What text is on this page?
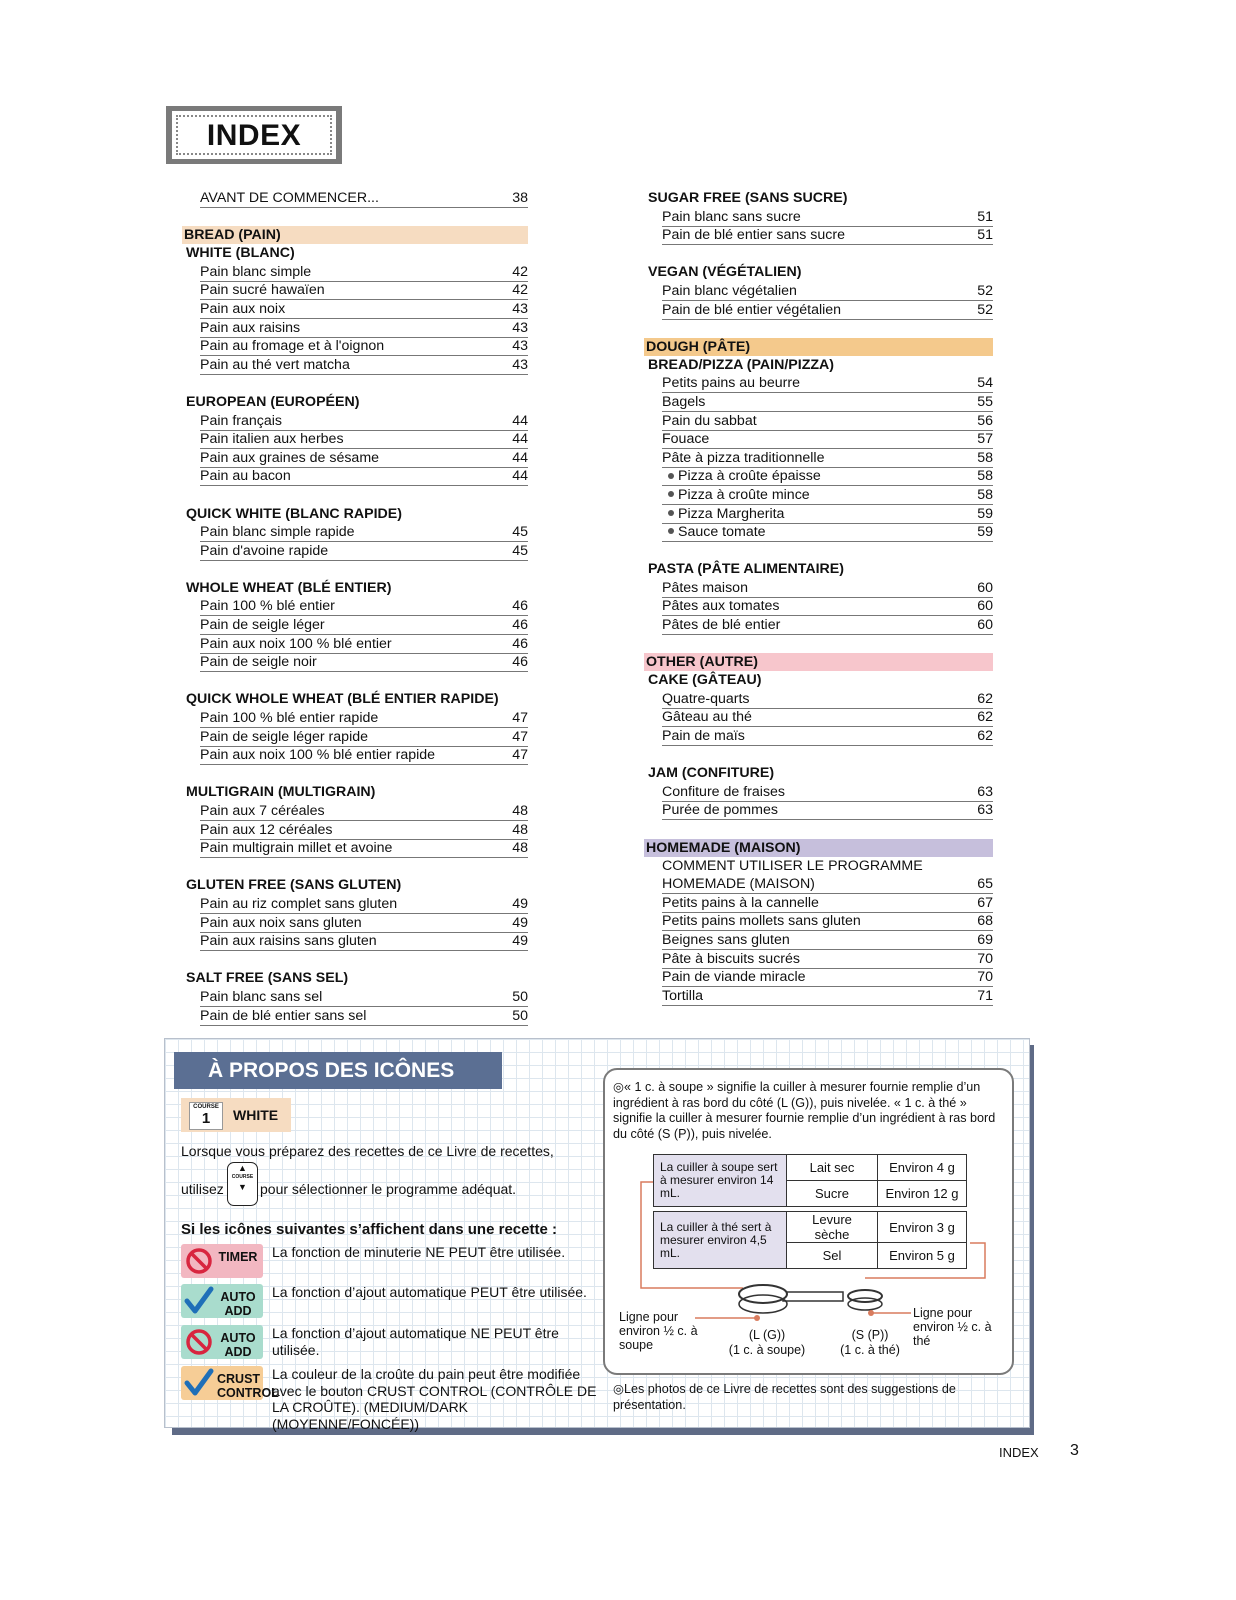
INDEX
AVANT DE COMMENCER...	38
BREAD (PAIN)
WHITE (BLANC)
Pain blanc simple	42
Pain sucré hawaïen	42
Pain aux noix	43
Pain aux raisins	43
Pain au fromage et à l'oignon	43
Pain au thé vert matcha	43
EUROPEAN (EUROPÉEN)
Pain français	44
Pain italien aux herbes	44
Pain aux graines de sésame	44
Pain au bacon	44
QUICK WHITE (BLANC RAPIDE)
Pain blanc simple rapide	45
Pain d'avoine rapide	45
WHOLE WHEAT (BLÉ ENTIER)
Pain 100 % blé entier	46
Pain de seigle léger	46
Pain aux noix 100 % blé entier	46
Pain de seigle noir	46
QUICK WHOLE WHEAT (BLÉ ENTIER RAPIDE)
Pain 100 % blé entier rapide	47
Pain de seigle léger rapide	47
Pain aux noix 100 % blé entier rapide	47
MULTIGRAIN (MULTIGRAIN)
Pain aux 7 céréales	48
Pain aux 12 céréales	48
Pain multigrain millet et avoine	48
GLUTEN FREE (SANS GLUTEN)
Pain au riz complet sans gluten	49
Pain aux noix sans gluten	49
Pain aux raisins sans gluten	49
SALT FREE (SANS SEL)
Pain blanc sans sel	50
Pain de blé entier sans sel	50
SUGAR FREE (SANS SUCRE)
Pain blanc sans sucre	51
Pain de blé entier sans sucre	51
VEGAN (VÉGÉTALIEN)
Pain blanc végétalien	52
Pain de blé entier végétalien	52
DOUGH (PÂTE)
BREAD/PIZZA (PAIN/PIZZA)
Petits pains au beurre	54
Bagels	55
Pain du sabbat	56
Fouace	57
Pâte à pizza traditionnelle	58
Pizza à croûte épaisse	58
Pizza à croûte mince	58
Pizza Margherita	59
Sauce tomate	59
PASTA (PÂTE ALIMENTAIRE)
Pâtes maison	60
Pâtes aux tomates	60
Pâtes de blé entier	60
OTHER (AUTRE)
CAKE (GÂTEAU)
Quatre-quarts	62
Gâteau au thé	62
Pain de maïs	62
JAM (CONFITURE)
Confiture de fraises	63
Purée de pommes	63
HOMEMADE (MAISON)
COMMENT UTILISER LE PROGRAMME
HOMEMADE (MAISON)	65
Petits pains à la cannelle	67
Petits pains mollets sans gluten	68
Beignes sans gluten	69
Pâte à biscuits sucrés	70
Pain de viande miracle	70
Tortilla	71
À PROPOS DES ICÔNES
COURSE
1	WHITE
Lorsque vous préparez des recettes de ce Livre de recettes,
utilisez
▲
COURSE
▼ pour sélectionner le programme adéquat.
Si les icônes suivantes s’affichent dans une recette :
TIMER La fonction de minuterie NE PEUT être utilisée.
AUTO ADD
La fonction d’ajout automatique PEUT être utilisée.
AUTO ADD
La fonction d’ajout automatique NE PEUT être utilisée.
CRUST CONTROL
La couleur de la croûte du pain peut être modifiée avec le bouton CRUST CONTROL (CONTRÔLE DE LA CROÛTE). (MEDIUM/DARK (MOYENNE/FONCÉE))
◎« 1 c. à soupe » signifie la cuiller à mesurer fournie remplie d’un ingrédient à ras bord du côté (L (G)), puis nivelée. « 1 c. à thé » signifie la cuiller à mesurer fournie remplie d’un ingrédient à ras bord du côté (S (P)), puis nivelée.
La cuiller à soupe sert à mesurer environ 14 mL.	Lait sec	Environ 4 g
	Sucre	Environ 12 g
La cuiller à thé sert à mesurer environ 4,5 mL.	Levure sèche	Environ 3 g
	Sel	Environ 5 g
Ligne pour environ ½ c. à soupe
Ligne pour environ ½ c. à thé
(L (G))
(1 c. à soupe)
(S (P))
(1 c. à thé)
◎Les photos de ce Livre de recettes sont des suggestions de présentation.
INDEX 3
